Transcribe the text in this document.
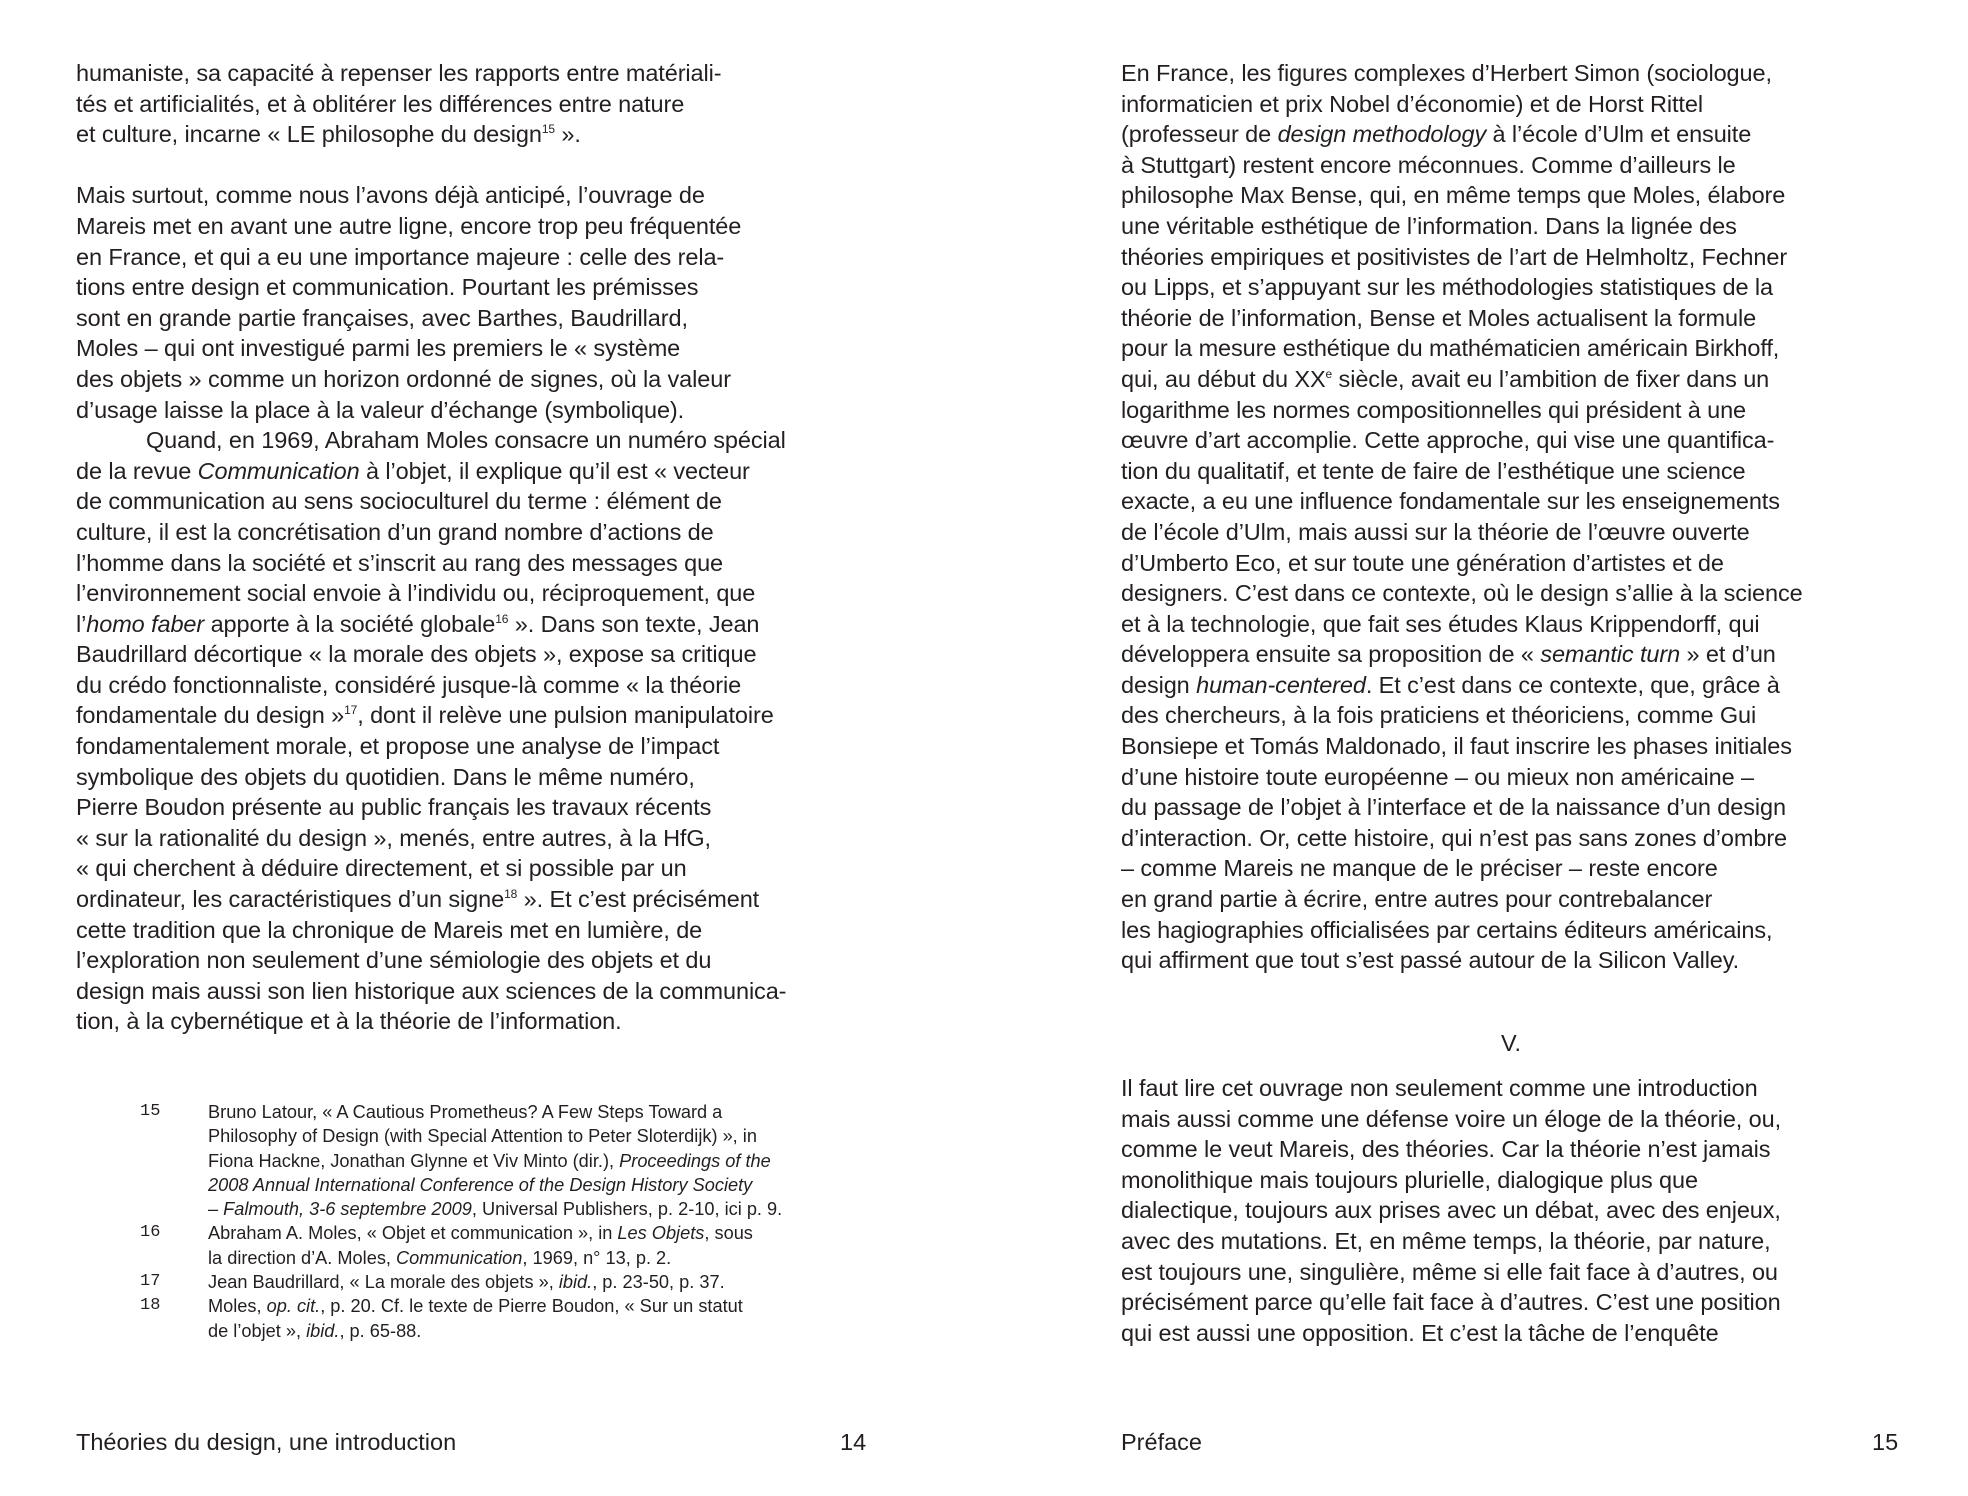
humaniste, sa capacité à repenser les rapports entre matériali-

tés et artificialités, et à oblitérer les différences entre nature

et culture, incarne « LE philosophe du design$^{15}$ ».

Mais surtout, comme nous l’avons déjà anticipé, l’ouvrage de

Mareis met en avant une autre ligne, encore trop peu fréquentée

en France, et qui a eu une importance majeure : celle des rela-

tions entre design et communication. Pourtant les prémisses

sont en grande partie françaises, avec Barthes, Baudrillard,

Moles – qui ont investigué parmi les premiers le « système

des objets » comme un horizon ordonné de signes, où la valeur

d’usage laisse la place à la valeur d’échange (symbolique).

Quand, en 1969, Abraham Moles consacre un numéro spécial

de la revue Communication à l’objet, il explique qu’il est « vecteur

de communication au sens socioculturel du terme : élément de

culture, il est la concrétisation d’un grand nombre d’actions de

l’homme dans la société et s’inscrit au rang des messages que

l’environnement social envoie à l’individu ou, réciproquement, que

l’homo faber apporte à la société globale$^{16}$ ». Dans son texte, Jean

Baudrillard décortique « la morale des objets », expose sa critique

du crédo fonctionnaliste, considéré jusque-là comme « la théorie

fondamentale du design »$^{17}$, dont il relève une pulsion manipulatoire

fondamentalement morale, et propose une analyse de l’impact

symbolique des objets du quotidien. Dans le même numéro,

Pierre Boudon présente au public français les travaux récents

« sur la rationalité du design », menés, entre autres, à la HfG,

« qui cherchent à déduire directement, et si possible par un

ordinateur, les caractéristiques d’un signe$^{18}$ ». Et c’est précisément

cette tradition que la chronique de Mareis met en lumière, de

l’exploration non seulement d’une sémiologie des objets et du

design mais aussi son lien historique aux sciences de la communica-

tion, à la cybernétique et à la théorie de l’information.

15	Bruno Latour, « A Cautious Prometheus? A Few Steps Toward a
Philosophy of Design (with Special Attention to Peter Sloterdijk) », in
Fiona Hackne, Jonathan Glynne et Viv Minto (dir.), Proceedings of the
2008 Annual International Conference of the Design History Society
– Falmouth, 3-6 septembre 2009, Universal Publishers, p. 2-10, ici p. 9.
16	Abraham A. Moles, « Objet et communication », in Les Objets, sous
la direction d’A. Moles, Communication, 1969, n° 13, p. 2.
17	Jean Baudrillard, « La morale des objets », ibid., p. 23-50, p. 37.
18	Moles, op. cit., p. 20. Cf. le texte de Pierre Boudon, « Sur un statut
de l’objet », ibid., p. 65-88.
Théories du design, une introduction	14

En France, les figures complexes d’Herbert Simon (sociologue,

informaticien et prix Nobel d’économie) et de Horst Rittel

(professeur de design methodology à l’école d’Ulm et ensuite

à Stuttgart) restent encore méconnues. Comme d’ailleurs le

philosophe Max Bense, qui, en même temps que Moles, élabore

une véritable esthétique de l’information. Dans la lignée des

théories empiriques et positivistes de l’art de Helmholtz, Fechner

ou Lipps, et s’appuyant sur les méthodologies statistiques de la

théorie de l’information, Bense et Moles actualisent la formule

pour la mesure esthétique du mathématicien américain Birkhoff,

qui, au début du XXe siècle, avait eu l’ambition de fixer dans un

logarithme les normes compositionnelles qui président à une

œuvre d’art accomplie. Cette approche, qui vise une quantifica-

tion du qualitatif, et tente de faire de l’esthétique une science

exacte, a eu une influence fondamentale sur les enseignements

de l’école d’Ulm, mais aussi sur la théorie de l’œuvre ouverte

d’Umberto Eco, et sur toute une génération d’artistes et de

designers. C’est dans ce contexte, où le design s’allie à la science

et à la technologie, que fait ses études Klaus Krippendorff, qui

développera ensuite sa proposition de « semantic turn » et d’un

design human-centered. Et c’est dans ce contexte, que, grâce à

des chercheurs, à la fois praticiens et théoriciens, comme Gui

Bonsiepe et Tomás Maldonado, il faut inscrire les phases initiales

d’une histoire toute européenne – ou mieux non américaine –

du passage de l’objet à l’interface et de la naissance d’un design

d’interaction. Or, cette histoire, qui n’est pas sans zones d’ombre

– comme Mareis ne manque de le préciser – reste encore

en grand partie à écrire, entre autres pour contrebalancer

les hagiographies officialisées par certains éditeurs américains,

qui affirment que tout s’est passé autour de la Silicon Valley.

V.

Il faut lire cet ouvrage non seulement comme une introduction

mais aussi comme une défense voire un éloge de la théorie, ou,

comme le veut Mareis, des théories. Car la théorie n’est jamais

monolithique mais toujours plurielle, dialogique plus que

dialectique, toujours aux prises avec un débat, avec des enjeux,

avec des mutations. Et, en même temps, la théorie, par nature,

est toujours une, singulière, même si elle fait face à d’autres, ou

précisément parce qu’elle fait face à d’autres. C’est une position

qui est aussi une opposition. Et c’est la tâche de l’enquête

Préface	15
